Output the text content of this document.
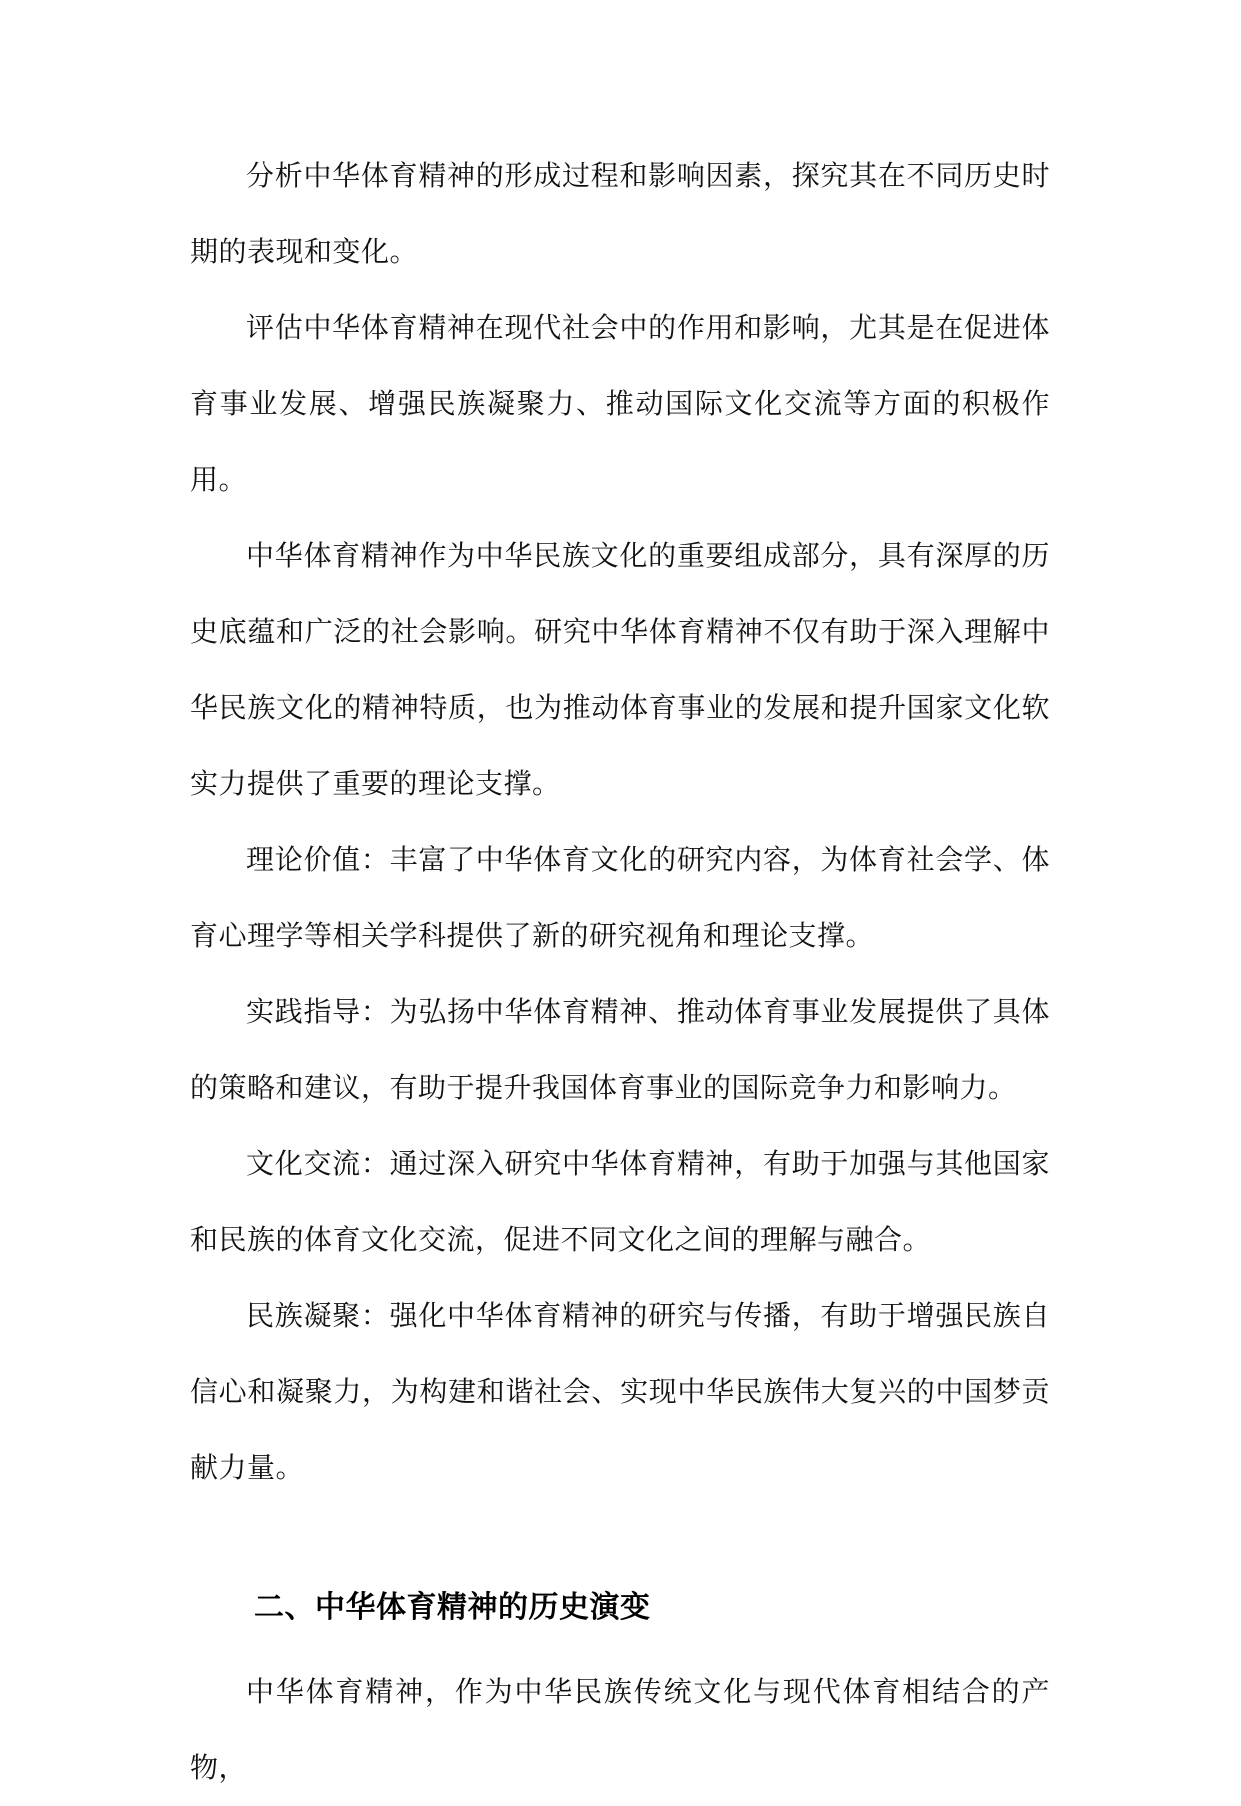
分析中华体育精神的形成过程和影响因素，探究其在不同历史时期的表现和变化。

评估中华体育精神在现代社会中的作用和影响，尤其是在促进体育事业发展、增强民族凝聚力、推动国际文化交流等方面的积极作用。

中华体育精神作为中华民族文化的重要组成部分，具有深厚的历史底蕴和广泛的社会影响。研究中华体育精神不仅有助于深入理解中华民族文化的精神特质，也为推动体育事业的发展和提升国家文化软实力提供了重要的理论支撑。

理论价值：丰富了中华体育文化的研究内容，为体育社会学、体育心理学等相关学科提供了新的研究视角和理论支撑。

实践指导：为弘扬中华体育精神、推动体育事业发展提供了具体的策略和建议，有助于提升我国体育事业的国际竞争力和影响力。

文化交流：通过深入研究中华体育精神，有助于加强与其他国家和民族的体育文化交流，促进不同文化之间的理解与融合。

民族凝聚：强化中华体育精神的研究与传播，有助于增强民族自信心和凝聚力，为构建和谐社会、实现中华民族伟大复兴的中国梦贡献力量。

二、中华体育精神的历史演变

中华体育精神，作为中华民族传统文化与现代体育相结合的产物，
